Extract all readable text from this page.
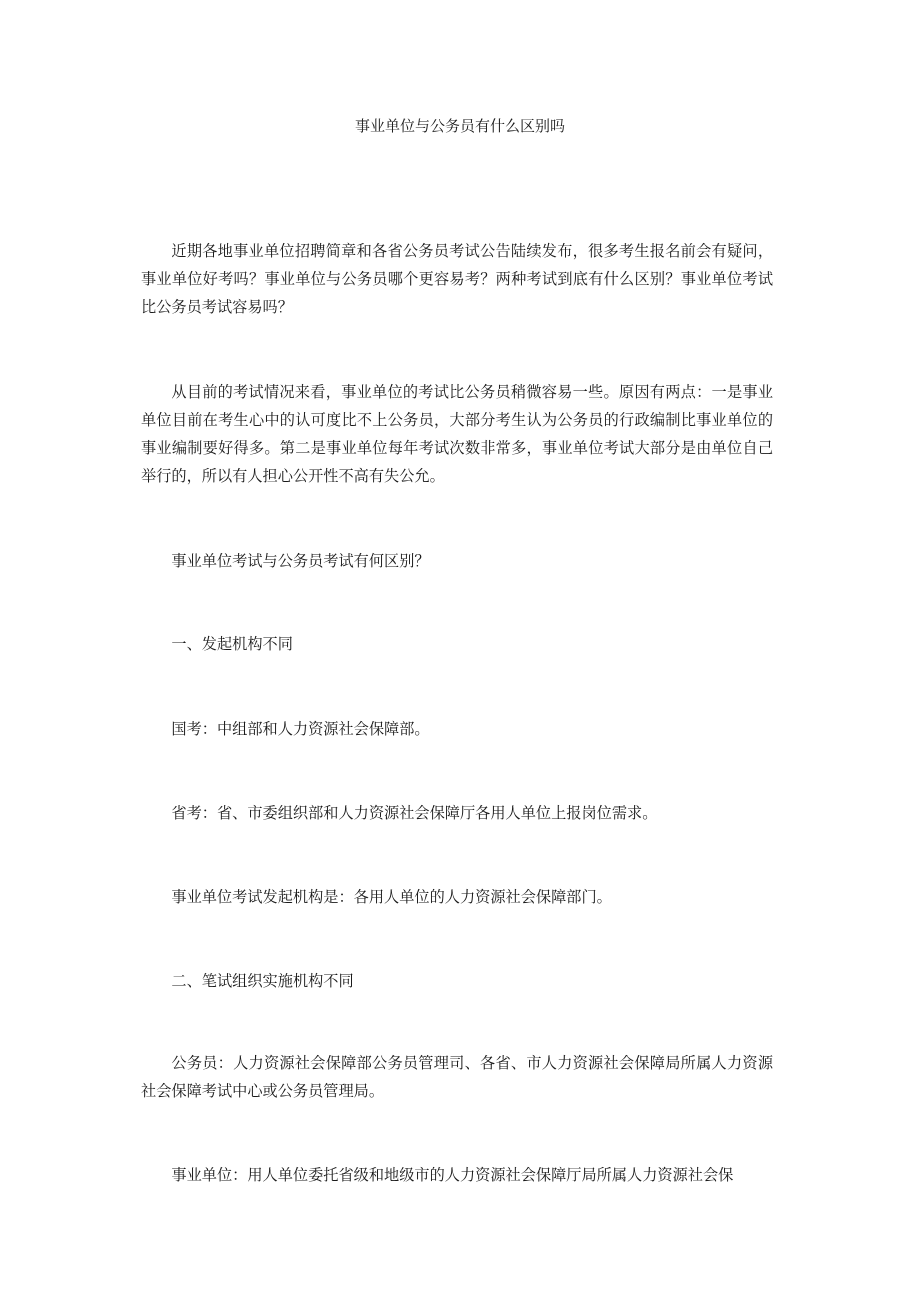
事业单位与公务员有什么区别吗

近期各地事业单位招聘简章和各省公务员考试公告陆续发布，很多考生报名前会有疑问，事业单位好考吗？事业单位与公务员哪个更容易考？两种考试到底有什么区别？事业单位考试比公务员考试容易吗？

从目前的考试情况来看，事业单位的考试比公务员稍微容易一些。原因有两点：一是事业单位目前在考生心中的认可度比不上公务员，大部分考生认为公务员的行政编制比事业单位的事业编制要好得多。第二是事业单位每年考试次数非常多，事业单位考试大部分是由单位自己举行的，所以有人担心公开性不高有失公允。

事业单位考试与公务员考试有何区别？

一、发起机构不同

国考：中组部和人力资源社会保障部。

省考：省、市委组织部和人力资源社会保障厅各用人单位上报岗位需求。

事业单位考试发起机构是：各用人单位的人力资源社会保障部门。

二、笔试组织实施机构不同

公务员：人力资源社会保障部公务员管理司、各省、市人力资源社会保障局所属人力资源社会保障考试中心或公务员管理局。

事业单位：用人单位委托省级和地级市的人力资源社会保障厅局所属人力资源社会保
